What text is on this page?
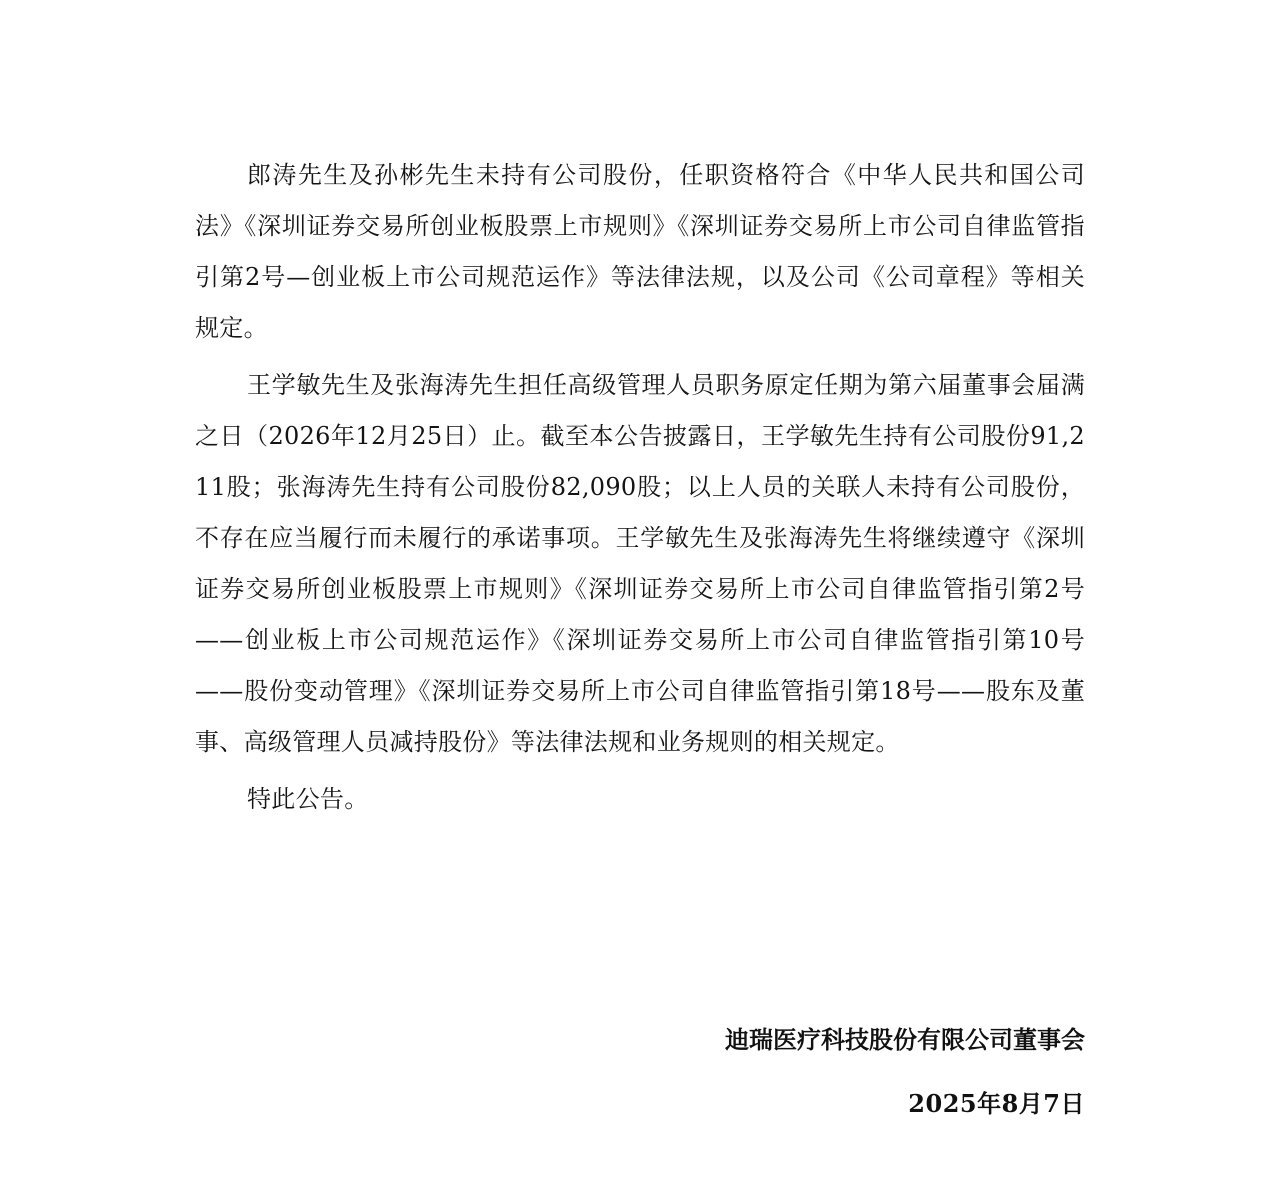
郎涛先生及孙彬先生未持有公司股份，任职资格符合《中华人民共和国公司法》《深圳证券交易所创业板股票上市规则》《深圳证券交易所上市公司自律监管指引第2号—创业板上市公司规范运作》等法律法规，以及公司《公司章程》等相关规定。

王学敏先生及张海涛先生担任高级管理人员职务原定任期为第六届董事会届满之日（2026年12月25日）止。截至本公告披露日，王学敏先生持有公司股份91,211股；张海涛先生持有公司股份82,090股；以上人员的关联人未持有公司股份，不存在应当履行而未履行的承诺事项。王学敏先生及张海涛先生将继续遵守《深圳证券交易所创业板股票上市规则》《深圳证券交易所上市公司自律监管指引第2号——创业板上市公司规范运作》《深圳证券交易所上市公司自律监管指引第10号——股份变动管理》《深圳证券交易所上市公司自律监管指引第18号——股东及董事、高级管理人员减持股份》等法律法规和业务规则的相关规定。

特此公告。

迪瑞医疗科技股份有限公司董事会
2025年8月7日
